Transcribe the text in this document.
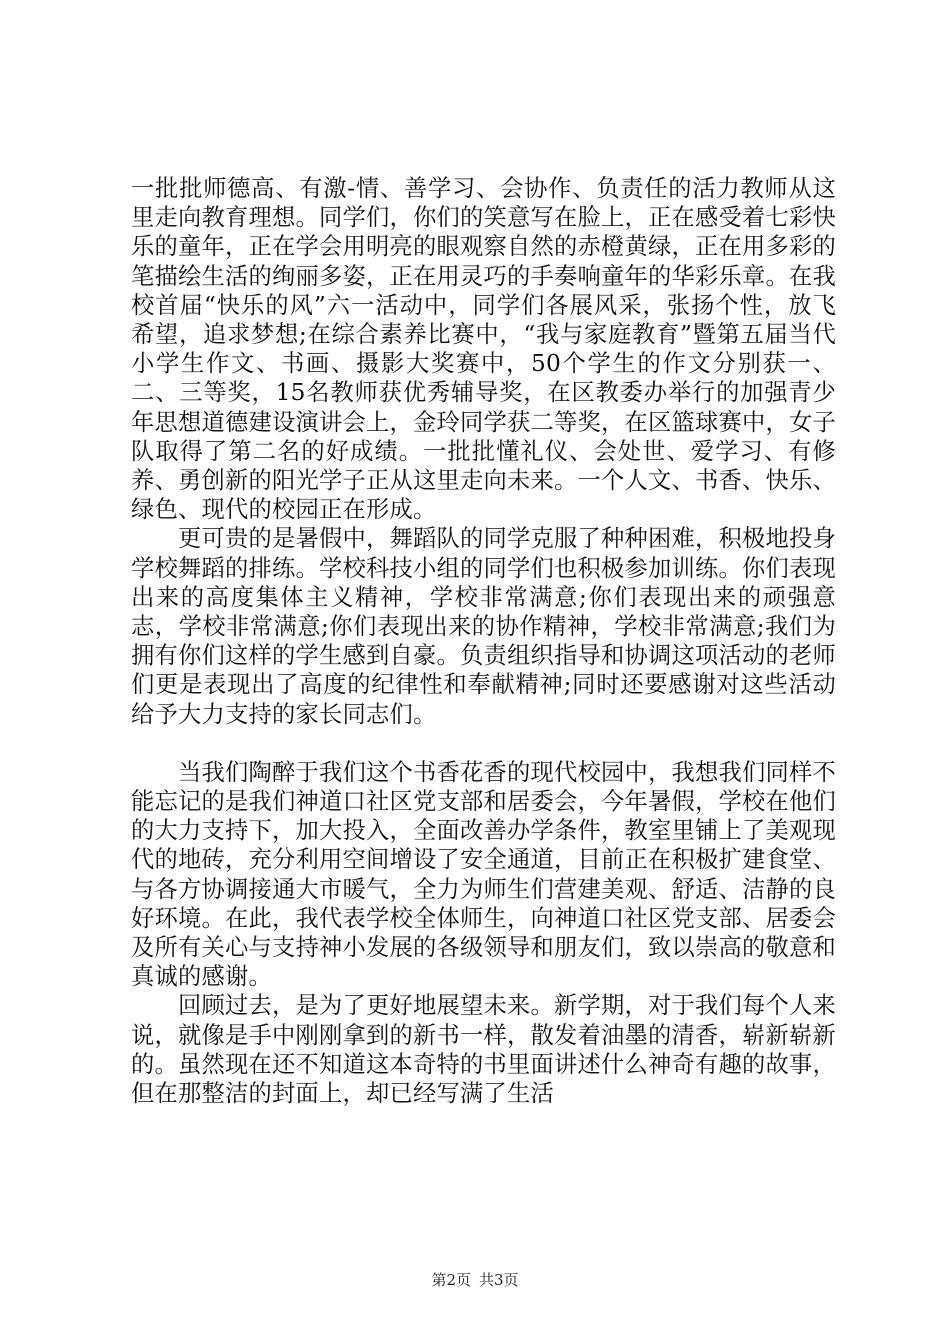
一批批师德高、有激-情、善学习、会协作、负责任的活力教师从这里走向教育理想。同学们，你们的笑意写在脸上，正在感受着七彩快乐的童年，正在学会用明亮的眼观察自然的赤橙黄绿，正在用多彩的笔描绘生活的绚丽多姿，正在用灵巧的手奏响童年的华彩乐章。在我校首届“快乐的风”六一活动中，同学们各展风采，张扬个性，放飞希望，追求梦想;在综合素养比赛中，“我与家庭教育”暨第五届当代小学生作文、书画、摄影大奖赛中，50个学生的作文分别获一、二、三等奖，15名教师获优秀辅导奖，在区教委办举行的加强青少年思想道德建设演讲会上，金玲同学获二等奖，在区篮球赛中，女子队取得了第二名的好成绩。一批批懂礼仪、会处世、爱学习、有修养、勇创新的阳光学子正从这里走向未来。一个人文、书香、快乐、绿色、现代的校园正在形成。

更可贵的是暑假中，舞蹈队的同学克服了种种困难，积极地投身学校舞蹈的排练。学校科技小组的同学们也积极参加训练。你们表现出来的高度集体主义精神，学校非常满意;你们表现出来的顽强意志，学校非常满意;你们表现出来的协作精神，学校非常满意;我们为拥有你们这样的学生感到自豪。负责组织指导和协调这项活动的老师们更是表现出了高度的纪律性和奉献精神;同时还要感谢对这些活动给予大力支持的家长同志们。

当我们陶醉于我们这个书香花香的现代校园中，我想我们同样不能忘记的是我们神道口社区党支部和居委会，今年暑假，学校在他们的大力支持下，加大投入，全面改善办学条件，教室里铺上了美观现代的地砖，充分利用空间增设了安全通道，目前正在积极扩建食堂、与各方协调接通大市暖气，全力为师生们营建美观、舒适、洁静的良好环境。在此，我代表学校全体师生，向神道口社区党支部、居委会及所有关心与支持神小发展的各级领导和朋友们，致以崇高的敬意和真诚的感谢。

回顾过去，是为了更好地展望未来。新学期，对于我们每个人来说，就像是手中刚刚拿到的新书一样，散发着油墨的清香，崭新崭新的。虽然现在还不知道这本奇特的书里面讲述什么神奇有趣的故事，但在那整洁的封面上，却已经写满了生活

第2页 共3页
